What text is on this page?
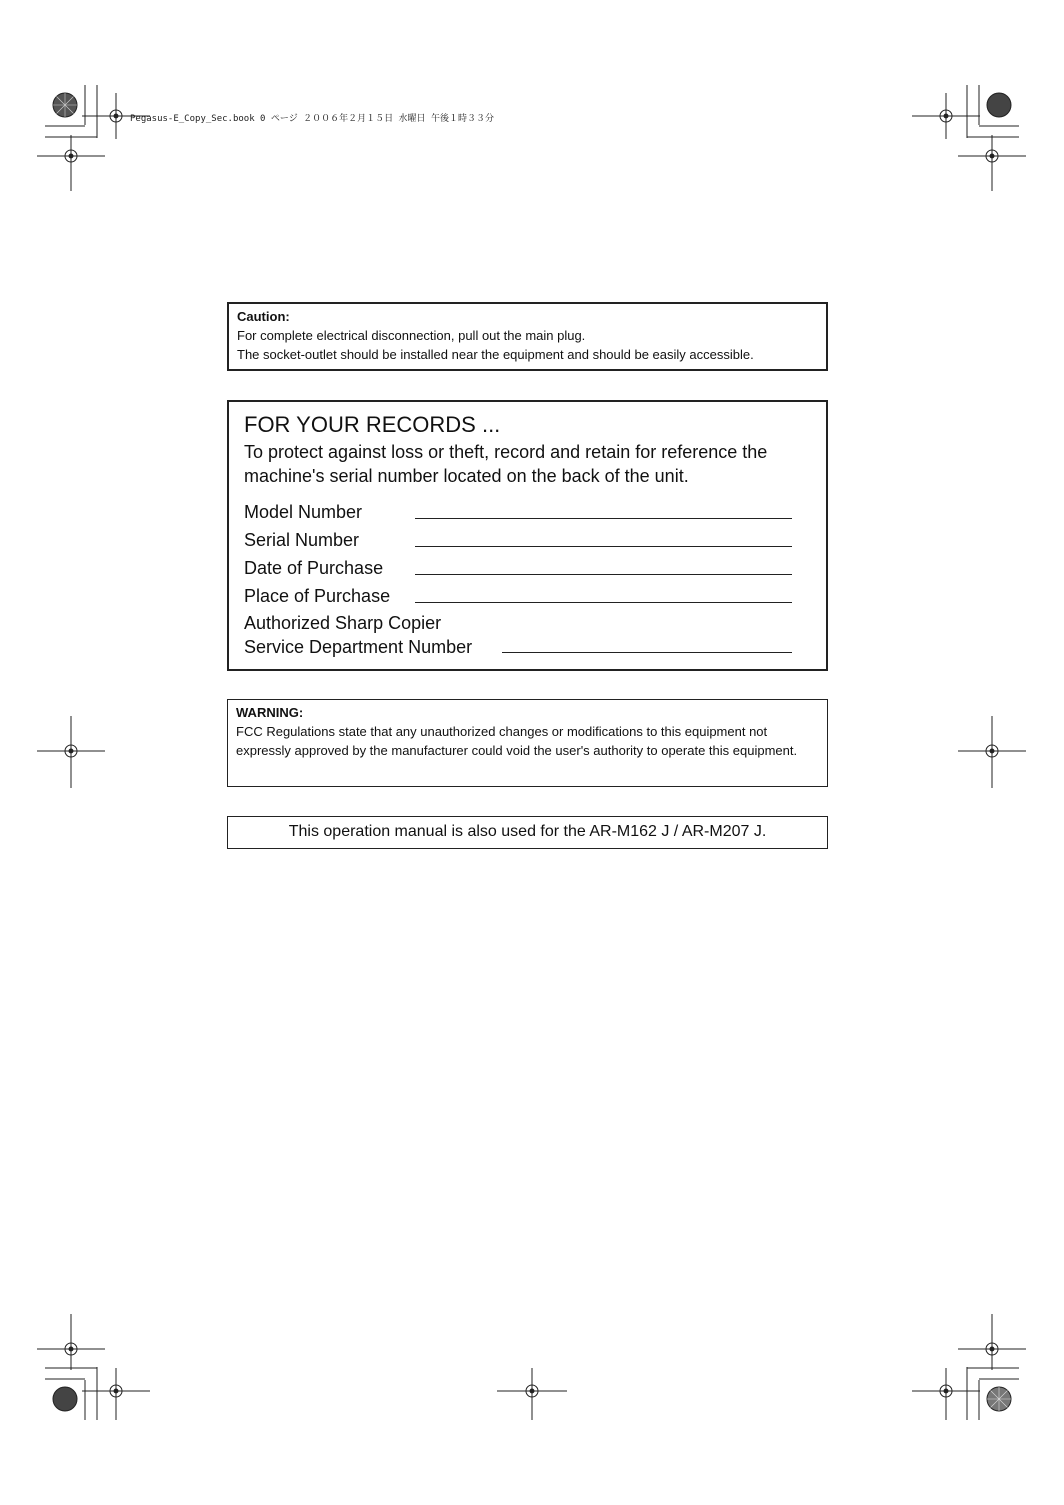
Pegasus-E_Copy_Sec.book 0 ページ ２００６年２月１５日 水曜日 午後１時３３分
Caution:
For complete electrical disconnection, pull out the main plug.
The socket-outlet should be installed near the equipment and should be easily accessible.
FOR YOUR RECORDS ...
To protect against loss or theft, record and retain for reference the machine's serial number located on the back of the unit.
Model Number
Serial Number
Date of Purchase
Place of Purchase
Authorized Sharp Copier
Service Department Number
WARNING:
FCC Regulations state that any unauthorized changes or modifications to this equipment not expressly approved by the manufacturer could void the user's authority to operate this equipment.
This operation manual is also used for the AR-M162 J / AR-M207 J.
